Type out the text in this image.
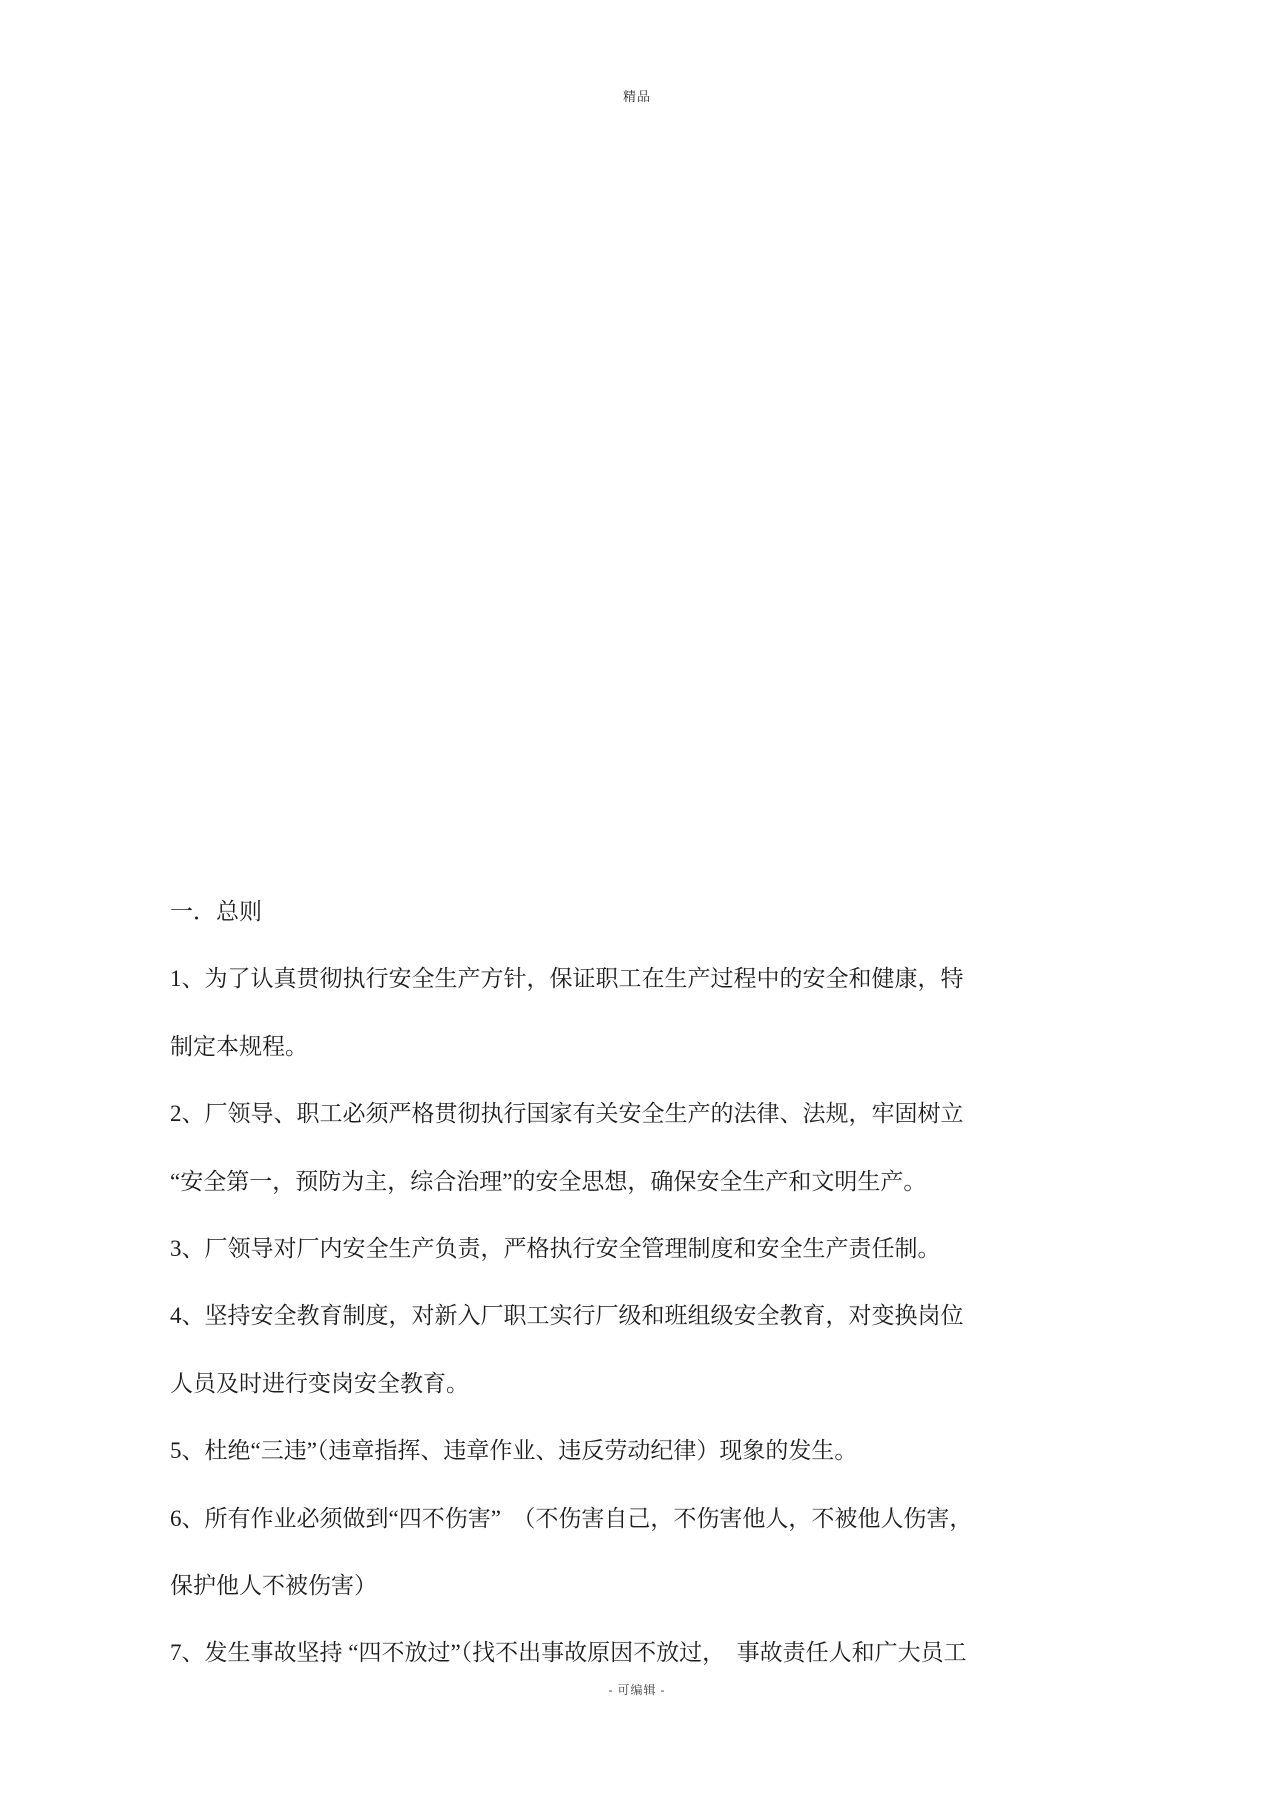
精品
一．总则
1、为了认真贯彻执行安全生产方针，保证职工在生产过程中的安全和健康，特
制定本规程。
2、厂领导、职工必须严格贯彻执行国家有关安全生产的法律、法规，牢固树立
“安全第一，预防为主，综合治理”的安全思想，确保安全生产和文明生产。
3、厂领导对厂内安全生产负责，严格执行安全管理制度和安全生产责任制。
4、坚持安全教育制度，对新入厂职工实行厂级和班组级安全教育，对变换岗位
人员及时进行变岗安全教育。
5、杜绝“三违”（违章指挥、违章作业、违反劳动纪律）现象的发生。
6、所有作业必须做到“四不伤害”　（不伤害自己，不伤害他人，不被他人伤害，
保护他人不被伤害）
7、发生事故坚持 “四不放过”（找不出事故原因不放过，　事故责任人和广大员工
- 可编辑 -
